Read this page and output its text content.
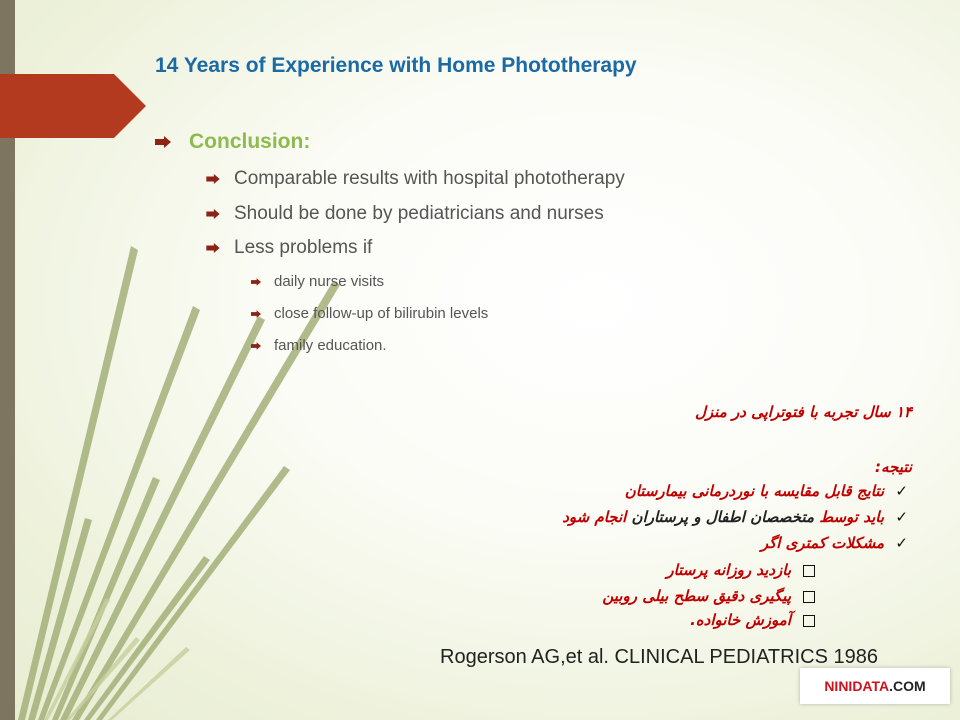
14 Years of Experience with Home Phototherapy
Conclusion:
Comparable results with hospital phototherapy
Should be done by pediatricians and nurses
Less problems if
daily nurse visits
close follow-up of bilirubin levels
family education.
۱۴ سال تجربه با فتوتراپی در منزل
نتیجه:
✓نتایج قابل مقایسه با نوردرمانی بیمارستان
✓باید توسط متخصصان اطفال و پرستاران انجام شود
✓مشکلات کمتری اگر
بازدید روزانه پرستار
پیگیری دقیق سطح بیلی روبین
آموزش خانواده.
Rogerson AG,et al. CLINICAL PEDIATRICS 1986
NINIDATA .COM
